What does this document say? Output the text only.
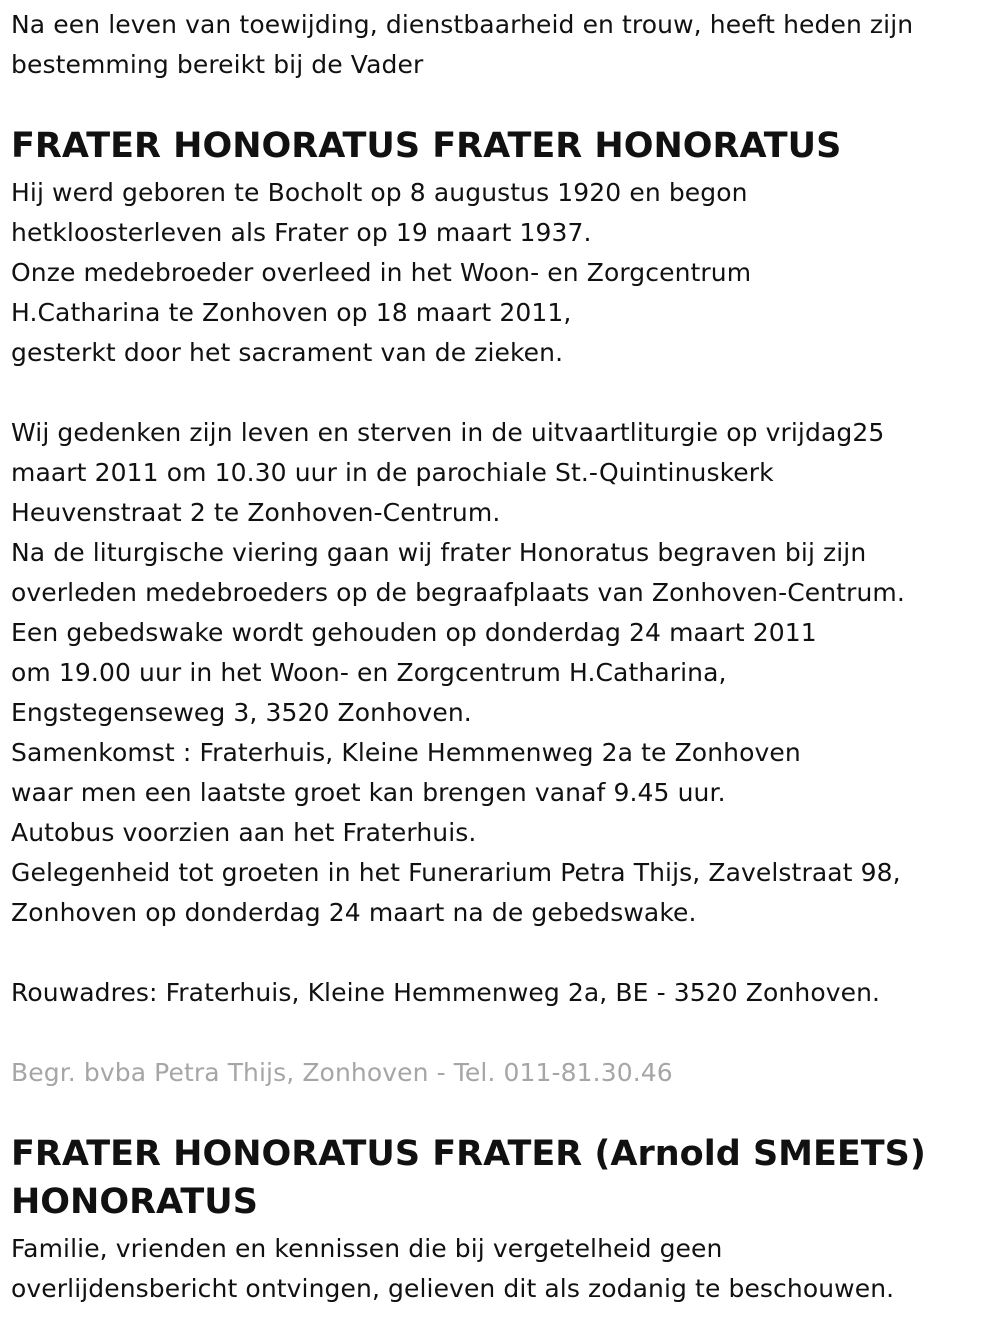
Na een leven van toewijding, dienstbaarheid en trouw, heeft heden zijn
bestemming bereikt bij de Vader
FRATER HONORATUS FRATER HONORATUS
Hij werd geboren te Bocholt op 8 augustus 1920 en begon
hetkloosterleven als Frater op 19 maart 1937.
Onze medebroeder overleed in het Woon- en Zorgcentrum
H.Catharina te Zonhoven op 18 maart 2011,
gesterkt door het sacrament van de zieken.
Wij gedenken zijn leven en sterven in de uitvaartliturgie op vrijdag25
maart 2011 om 10.30 uur in de parochiale St.-Quintinuskerk
Heuvenstraat 2 te Zonhoven-Centrum.
Na de liturgische viering gaan wij frater Honoratus begraven bij zijn
overleden medebroeders op de begraafplaats van Zonhoven-Centrum.
Een gebedswake wordt gehouden op donderdag 24 maart 2011
om 19.00 uur in het Woon- en Zorgcentrum H.Catharina,
Engstegenseweg 3, 3520 Zonhoven.
Samenkomst : Fraterhuis, Kleine Hemmenweg 2a te Zonhoven
waar men een laatste groet kan brengen vanaf 9.45 uur.
Autobus voorzien aan het Fraterhuis.
Gelegenheid tot groeten in het Funerarium Petra Thijs, Zavelstraat 98,
Zonhoven op donderdag 24 maart na de gebedswake.
Rouwadres: Fraterhuis, Kleine Hemmenweg 2a, BE - 3520 Zonhoven.
Begr. bvba Petra Thijs, Zonhoven - Tel. 011-81.30.46
FRATER HONORATUS FRATER (Arnold SMEETS)
HONORATUS
Familie, vrienden en kennissen die bij vergetelheid geen
overlijdensbericht ontvingen, gelieven dit als zodanig te beschouwen.
